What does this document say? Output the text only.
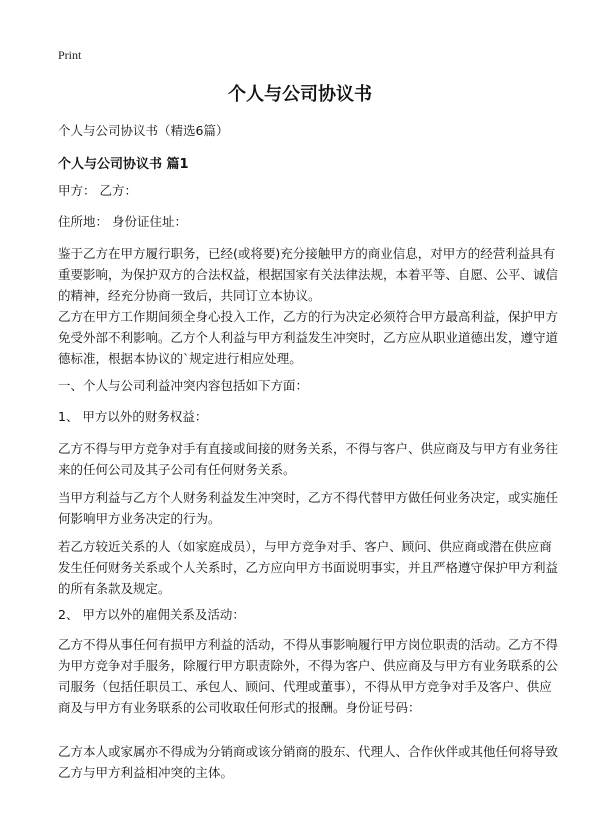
Print
个人与公司协议书
个人与公司协议书（精选6篇）
个人与公司协议书 篇1

甲方： 乙方：

住所地： 身份证住址：

鉴于乙方在甲方履行职务，已经(或将要)充分接触甲方的商业信息，对甲方的经营利益具有重要影响，为保护双方的合法权益，根据国家有关法律法规，本着平等、自愿、公平、诚信的精神，经充分协商一致后，共同订立本协议。

乙方在甲方工作期间须全身心投入工作，乙方的行为决定必须符合甲方最高利益，保护甲方免受外部不利影响。乙方个人利益与甲方利益发生冲突时，乙方应从职业道德出发，遵守道德标准，根据本协议的`规定进行相应处理。

一、个人与公司利益冲突内容包括如下方面：

1、 甲方以外的财务权益：

乙方不得与甲方竞争对手有直接或间接的财务关系，不得与客户、供应商及与甲方有业务往来的任何公司及其子公司有任何财务关系。

当甲方利益与乙方个人财务利益发生冲突时，乙方不得代替甲方做任何业务决定，或实施任何影响甲方业务决定的行为。

若乙方较近关系的人（如家庭成员），与甲方竞争对手、客户、顾问、供应商或潜在供应商发生任何财务关系或个人关系时，乙方应向甲方书面说明事实，并且严格遵守保护甲方利益的所有条款及规定。

2、 甲方以外的雇佣关系及活动：

乙方不得从事任何有损甲方利益的活动，不得从事影响履行甲方岗位职责的活动。乙方不得为甲方竞争对手服务，除履行甲方职责除外，不得为客户、供应商及与甲方有业务联系的公司服务（包括任职员工、承包人、顾问、代理或董事），不得从甲方竞争对手及客户、供应商及与甲方有业务联系的公司收取任何形式的报酬。身份证号码：

乙方本人或家属亦不得成为分销商或该分销商的股东、代理人、合作伙伴或其他任何将导致乙方与甲方利益相冲突的主体。
